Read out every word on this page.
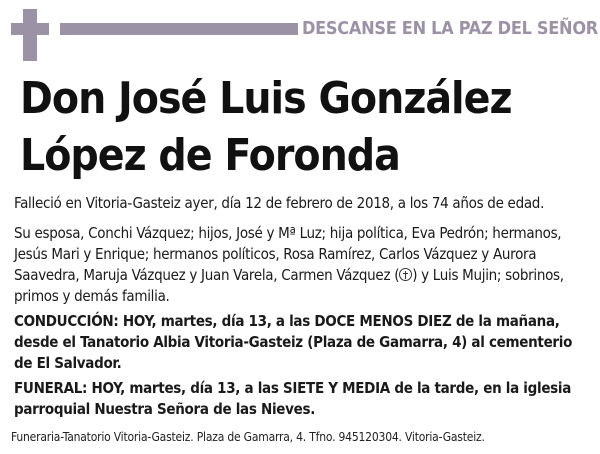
DESCANSE EN LA PAZ DEL SEÑOR
Don José Luis González
López de Foronda
Falleció en Vitoria-Gasteiz ayer, día 12 de febrero de 2018, a los 74 años de edad.
Su esposa, Conchi Vázquez; hijos, José y Mª Luz; hija política, Eva Pedrón; hermanos, Jesús Mari y Enrique; hermanos políticos, Rosa Ramírez, Carlos Vázquez y Aurora Saavedra, Maruja Vázquez y Juan Varela, Carmen Vázquez ( ) y Luis Mujin; sobrinos, primos y demás familia.
CONDUCCIÓN: HOY, martes, día 13, a las DOCE MENOS DIEZ de la mañana, desde el Tanatorio Albia Vitoria-Gasteiz (Plaza de Gamarra, 4) al cementerio de El Salvador.
FUNERAL: HOY, martes, día 13, a las SIETE Y MEDIA de la tarde, en la iglesia parroquial Nuestra Señora de las Nieves.
Funeraria-Tanatorio Vitoria-Gasteiz. Plaza de Gamarra, 4. Tfno. 945120304. Vitoria-Gasteiz.
